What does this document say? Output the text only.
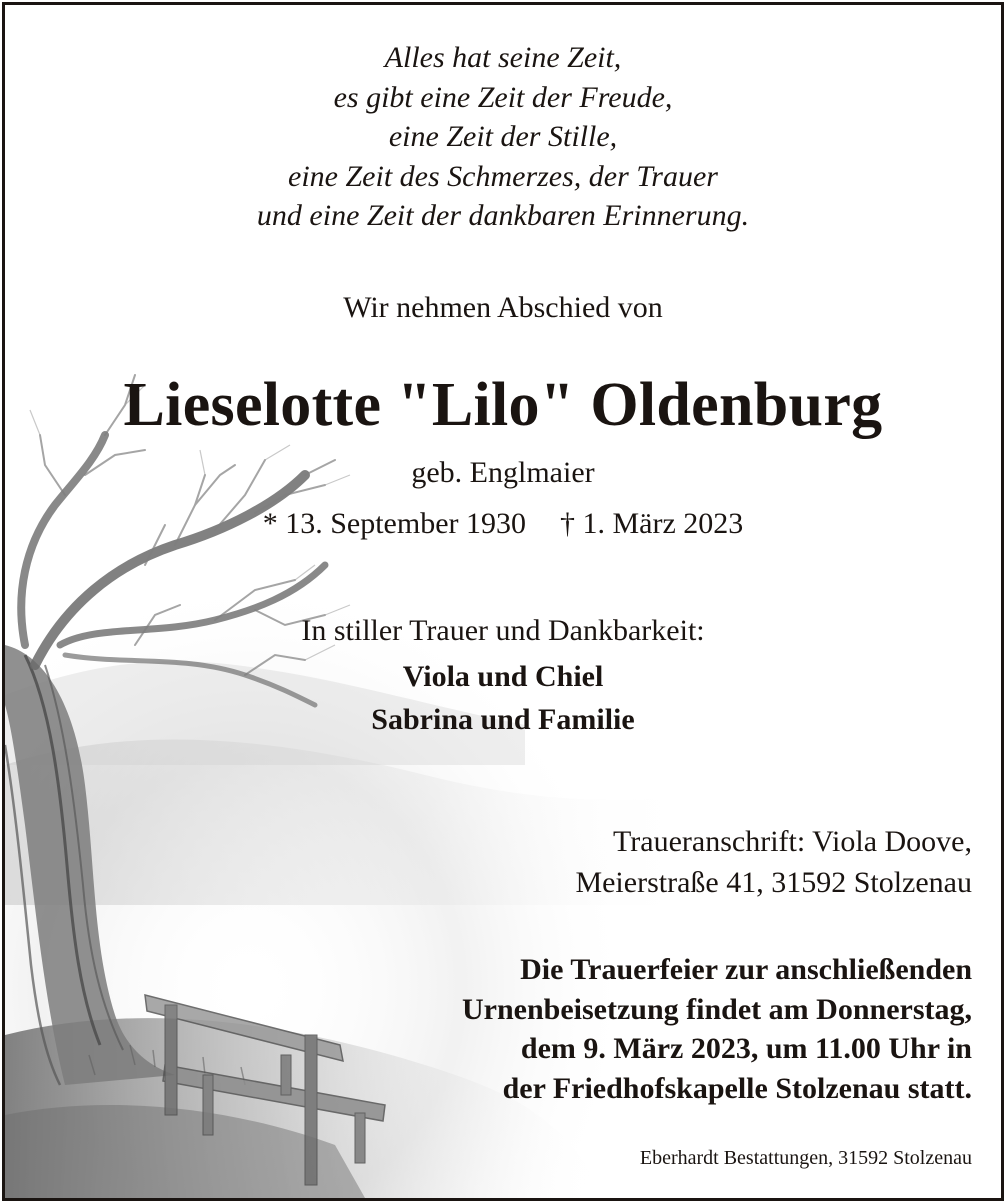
Alles hat seine Zeit,
es gibt eine Zeit der Freude,
eine Zeit der Stille,
eine Zeit des Schmerzes, der Trauer
und eine Zeit der dankbaren Erinnerung.
Wir nehmen Abschied von
Lieselotte "Lilo" Oldenburg
geb. Englmaier
* 13. September 1930 † 1. März 2023
In stiller Trauer und Dankbarkeit:
Viola und Chiel
Sabrina und Familie
Traueranschrift: Viola Doove,
Meierstraße 41, 31592 Stolzenau
Die Trauerfeier zur anschließenden
Urnenbeisetzung findet am Donnerstag,
dem 9. März 2023, um 11.00 Uhr in
der Friedhofskapelle Stolzenau statt.
Eberhardt Bestattungen, 31592 Stolzenau
